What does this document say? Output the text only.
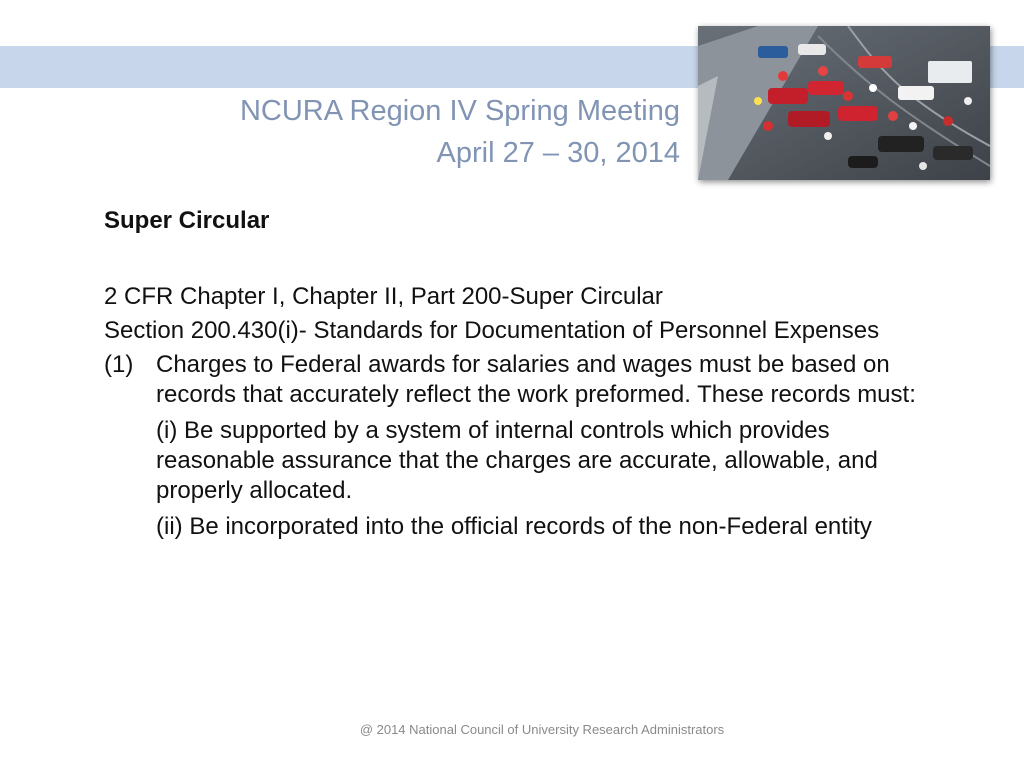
NCURA Region IV Spring Meeting
April 27 – 30, 2014

Super Circular

2 CFR Chapter I, Chapter II, Part 200-Super Circular

Section 200.430(i)- Standards for Documentation of Personnel Expenses

(1) Charges to Federal awards for salaries and wages must be based on records that accurately reflect the work preformed. These records must:

(i) Be supported by a system of internal controls which provides reasonable assurance that the charges are accurate, allowable, and properly allocated.

(ii) Be incorporated into the official records of the non-Federal entity

@ 2014 National Council of University Research Administrators
